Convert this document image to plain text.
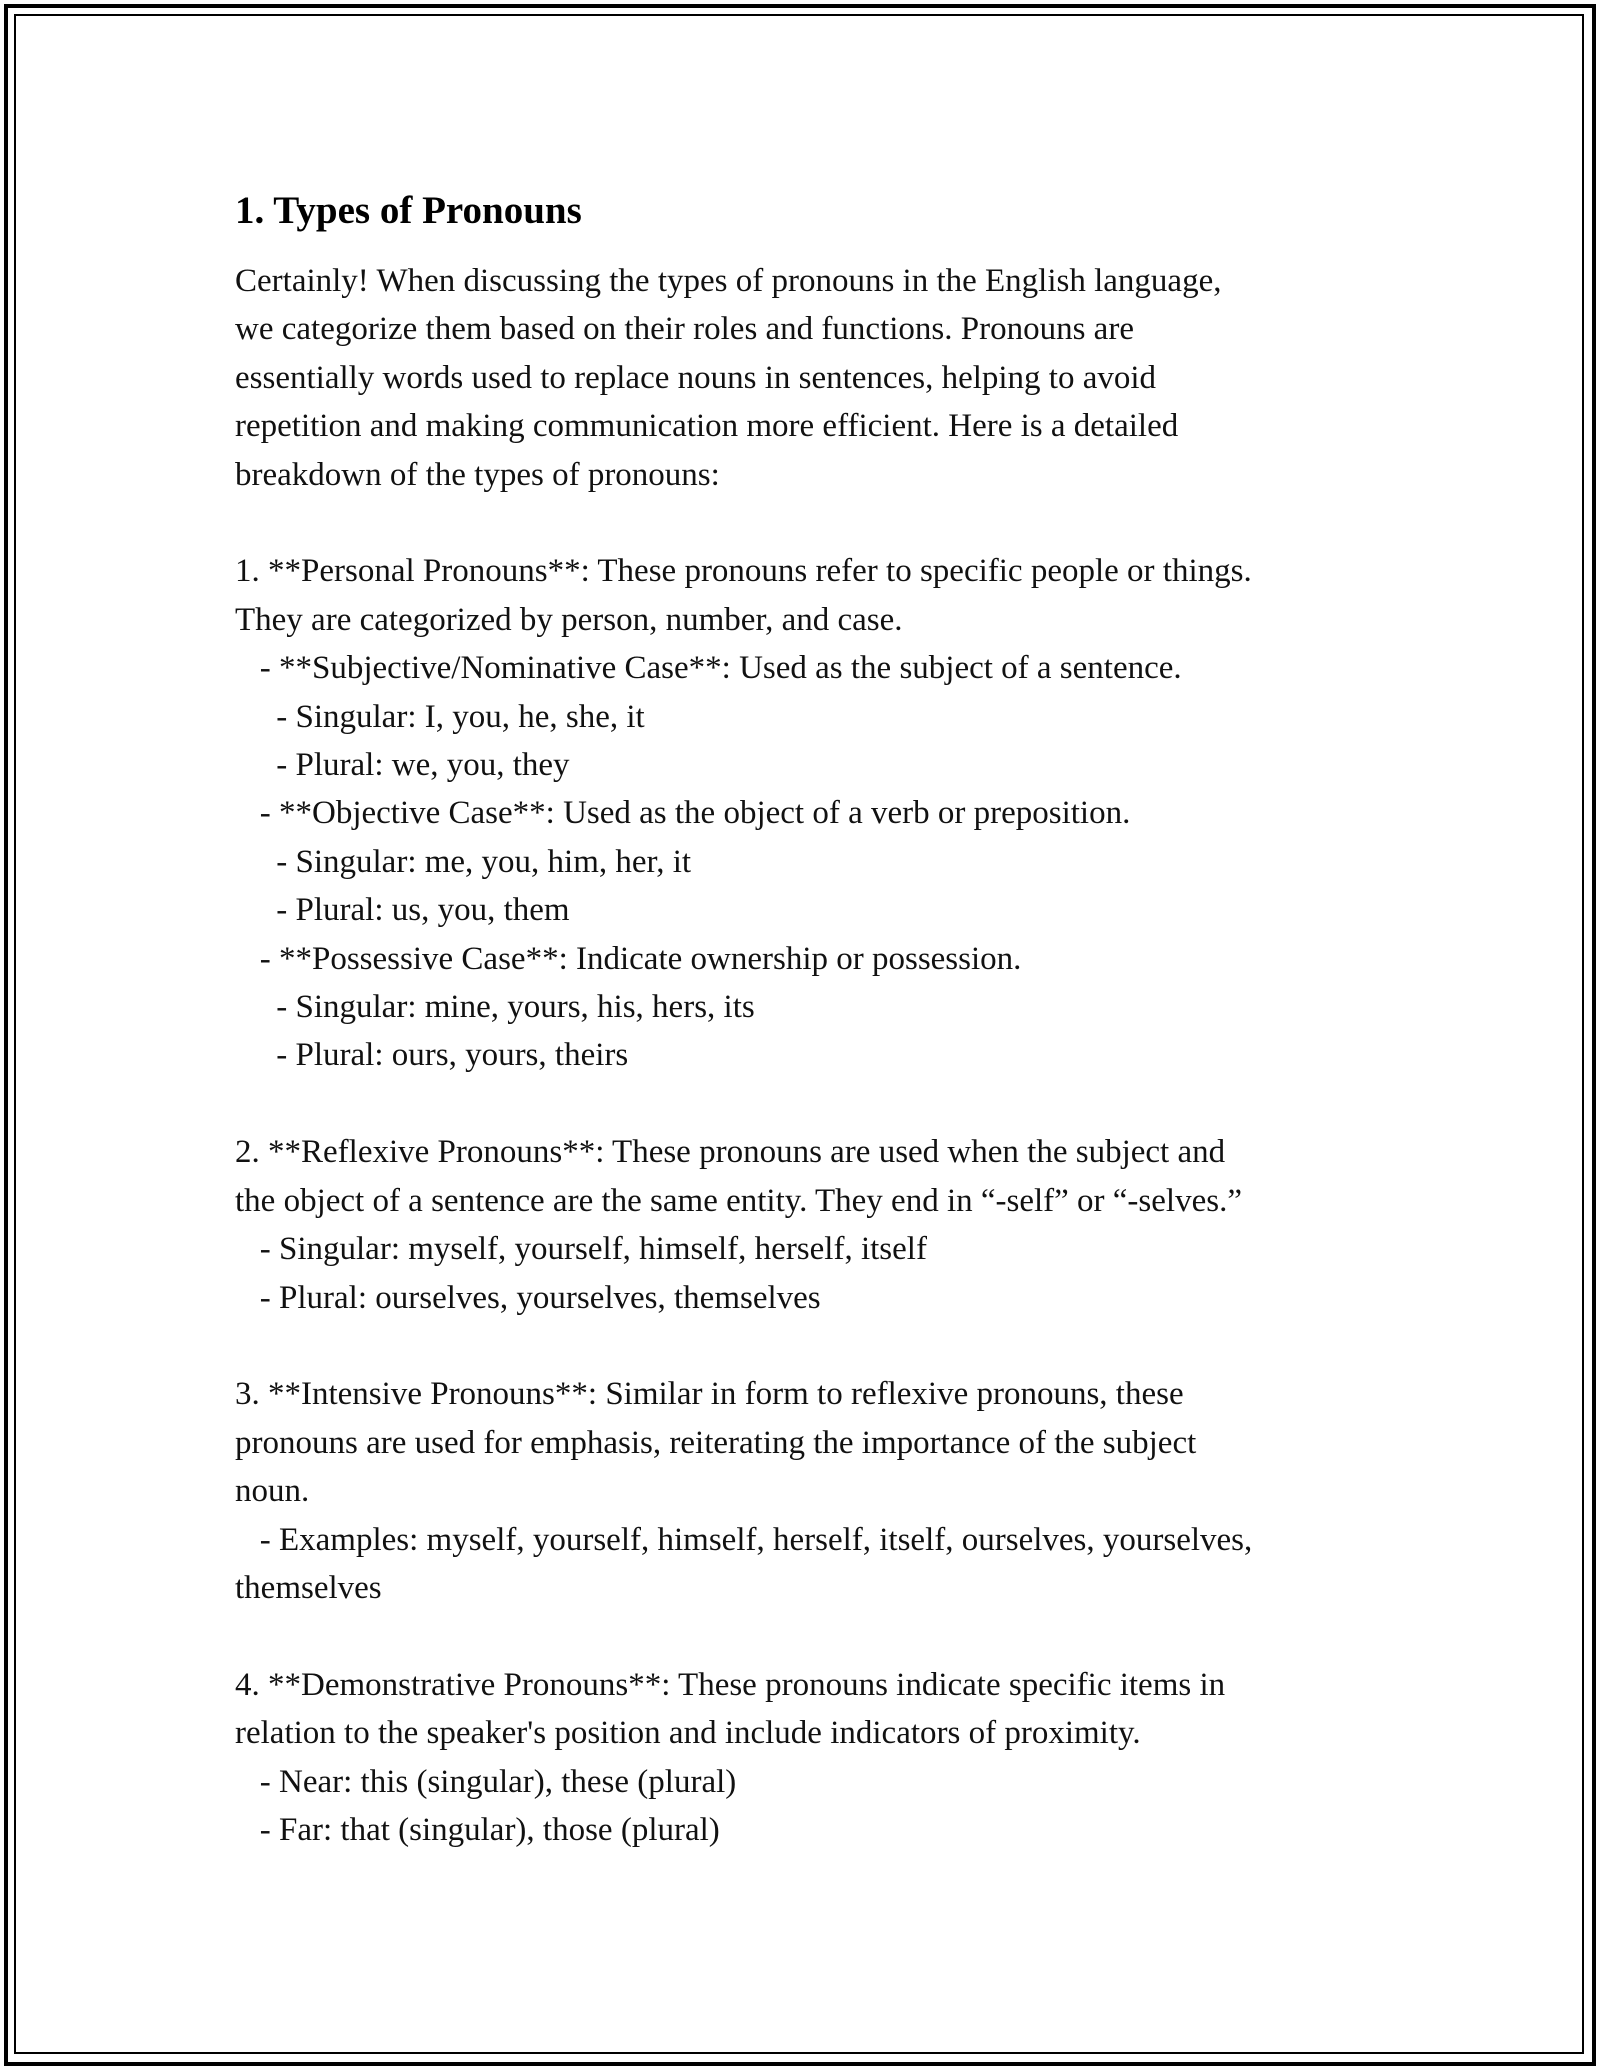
1. Types of Pronouns

Certainly! When discussing the types of pronouns in the English language,

we categorize them based on their roles and functions. Pronouns are

essentially words used to replace nouns in sentences, helping to avoid

repetition and making communication more efficient. Here is a detailed

breakdown of the types of pronouns:

1. **Personal Pronouns**: These pronouns refer to specific people or things.

They are categorized by person, number, and case.

- **Subjective/Nominative Case**: Used as the subject of a sentence.

- Singular: I, you, he, she, it

- Plural: we, you, they

- **Objective Case**: Used as the object of a verb or preposition.

- Singular: me, you, him, her, it

- Plural: us, you, them

- **Possessive Case**: Indicate ownership or possession.

- Singular: mine, yours, his, hers, its

- Plural: ours, yours, theirs

2. **Reflexive Pronouns**: These pronouns are used when the subject and

the object of a sentence are the same entity. They end in “-self” or “-selves.”

- Singular: myself, yourself, himself, herself, itself

- Plural: ourselves, yourselves, themselves

3. **Intensive Pronouns**: Similar in form to reflexive pronouns, these

pronouns are used for emphasis, reiterating the importance of the subject

noun.

- Examples: myself, yourself, himself, herself, itself, ourselves, yourselves,

themselves

4. **Demonstrative Pronouns**: These pronouns indicate specific items in

relation to the speaker's position and include indicators of proximity.

- Near: this (singular), these (plural)

- Far: that (singular), those (plural)
